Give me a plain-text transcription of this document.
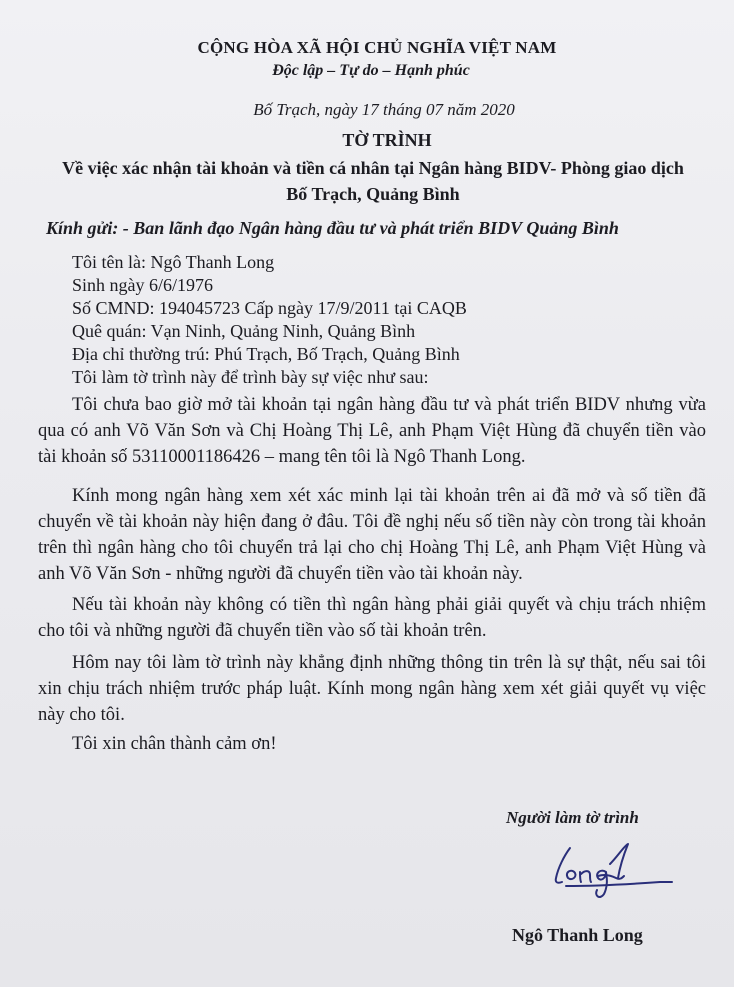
CỘNG HÒA XÃ HỘI CHỦ NGHĨA VIỆT NAM
Độc lập – Tự do – Hạnh phúc
Bố Trạch, ngày 17 tháng 07 năm 2020
TỜ TRÌNH
Về việc xác nhận tài khoản và tiền cá nhân tại Ngân hàng BIDV- Phòng giao dịch
Bố Trạch, Quảng Bình
Kính gửi: - Ban lãnh đạo Ngân hàng đầu tư và phát triển BIDV Quảng Bình
Tôi tên là: Ngô Thanh Long
Sinh ngày 6/6/1976
Số CMND: 194045723 Cấp ngày 17/9/2011 tại CAQB
Quê quán: Vạn Ninh, Quảng Ninh, Quảng Bình
Địa chỉ thường trú: Phú Trạch, Bố Trạch, Quảng Bình
Tôi làm tờ trình này để trình bày sự việc như sau:
Tôi chưa bao giờ mở tài khoản tại ngân hàng đầu tư và phát triển BIDV nhưng vừa qua có anh Võ Văn Sơn và Chị Hoàng Thị Lê, anh Phạm Việt Hùng đã chuyển tiền vào tài khoản số 53110001186426 – mang tên tôi là Ngô Thanh Long.
Kính mong ngân hàng xem xét xác minh lại tài khoản trên ai đã mở và số tiền đã chuyển về tài khoản này hiện đang ở đâu. Tôi đề nghị nếu số tiền này còn trong tài khoản trên thì ngân hàng cho tôi chuyển trả lại cho chị Hoàng Thị Lê, anh Phạm Việt Hùng và anh Võ Văn Sơn - những người đã chuyển tiền vào tài khoản này.
Nếu tài khoản này không có tiền thì ngân hàng phải giải quyết và chịu trách nhiệm cho tôi và những người đã chuyển tiền vào số tài khoản trên.
Hôm nay tôi làm tờ trình này khẳng định những thông tin trên là sự thật, nếu sai tôi xin chịu trách nhiệm trước pháp luật. Kính mong ngân hàng xem xét giải quyết vụ việc này cho tôi.
Tôi xin chân thành cảm ơn!
Người làm tờ trình
Ngô Thanh Long
